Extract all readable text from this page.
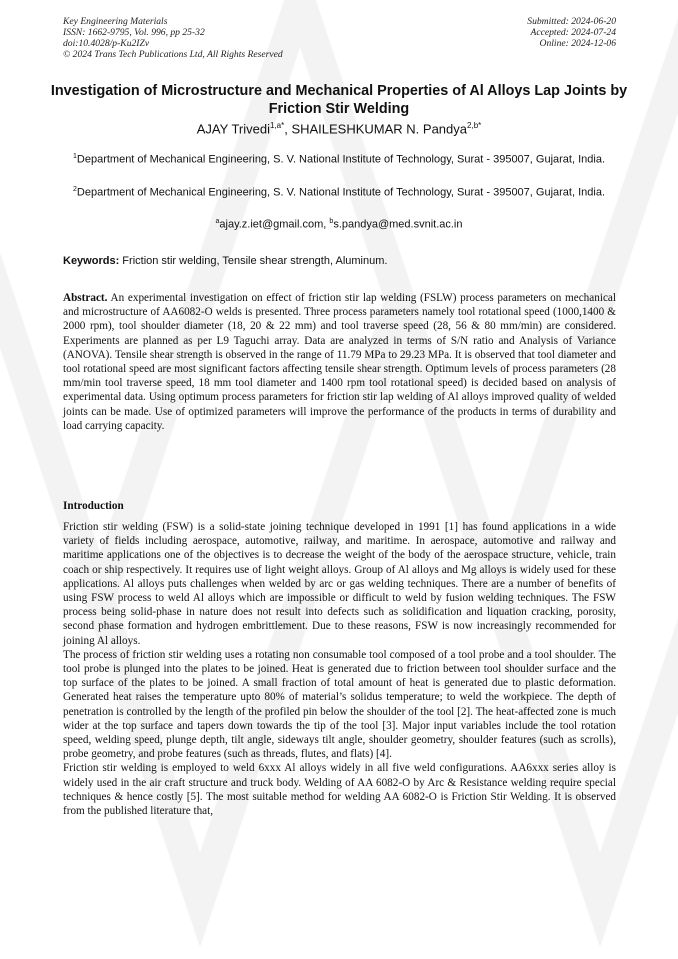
Key Engineering Materials
ISSN: 1662-9795, Vol. 996, pp 25-32
doi:10.4028/p-Ku2IZv
© 2024 Trans Tech Publications Ltd, All Rights Reserved
Submitted: 2024-06-20
Accepted: 2024-07-24
Online: 2024-12-06
Investigation of Microstructure and Mechanical Properties of Al Alloys Lap Joints by Friction Stir Welding
AJAY Trivedi$^{1,a*}$, SHAILESHKUMAR N. Pandya$^{2,b*}$
$^1$Department of Mechanical Engineering, S. V. National Institute of Technology, Surat - 395007, Gujarat, India.
$^2$Department of Mechanical Engineering, S. V. National Institute of Technology, Surat - 395007, Gujarat, India.
$^a$ajay.z.iet@gmail.com, $^b$s.pandya@med.svnit.ac.in
Keywords: Friction stir welding, Tensile shear strength, Aluminum.
Abstract. An experimental investigation on effect of friction stir lap welding (FSLW) process parameters on mechanical and microstructure of AA6082-O welds is presented. Three process parameters namely tool rotational speed (1000,1400 & 2000 rpm), tool shoulder diameter (18, 20 & 22 mm) and tool traverse speed (28, 56 & 80 mm/min) are considered. Experiments are planned as per L9 Taguchi array. Data are analyzed in terms of S/N ratio and Analysis of Variance (ANOVA). Tensile shear strength is observed in the range of 11.79 MPa to 29.23 MPa. It is observed that tool diameter and tool rotational speed are most significant factors affecting tensile shear strength. Optimum levels of process parameters (28 mm/min tool traverse speed, 18 mm tool diameter and 1400 rpm tool rotational speed) is decided based on analysis of experimental data. Using optimum process parameters for friction stir lap welding of Al alloys improved quality of welded joints can be made. Use of optimized parameters will improve the performance of the products in terms of durability and load carrying capacity.
Introduction

Friction stir welding (FSW) is a solid-state joining technique developed in 1991 [1] has found applications in a wide variety of fields including aerospace, automotive, railway, and maritime. In aerospace, automotive and railway and maritime applications one of the objectives is to decrease the weight of the body of the aerospace structure, vehicle, train coach or ship respectively. It requires use of light weight alloys. Group of Al alloys and Mg alloys is widely used for these applications. Al alloys puts challenges when welded by arc or gas welding techniques. There are a number of benefits of using FSW process to weld Al alloys which are impossible or difficult to weld by fusion welding techniques. The FSW process being solid-phase in nature does not result into defects such as solidification and liquation cracking, porosity, second phase formation and hydrogen embrittlement. Due to these reasons, FSW is now increasingly recommended for joining Al alloys.

The process of friction stir welding uses a rotating non consumable tool composed of a tool probe and a tool shoulder. The tool probe is plunged into the plates to be joined. Heat is generated due to friction between tool shoulder surface and the top surface of the plates to be joined. A small fraction of total amount of heat is generated due to plastic deformation. Generated heat raises the temperature upto 80% of material’s solidus temperature; to weld the workpiece. The depth of penetration is controlled by the length of the profiled pin below the shoulder of the tool [2]. The heat-affected zone is much wider at the top surface and tapers down towards the tip of the tool [3]. Major input variables include the tool rotation speed, welding speed, plunge depth, tilt angle, sideways tilt angle, shoulder geometry, shoulder features (such as scrolls), probe geometry, and probe features (such as threads, flutes, and flats) [4].

Friction stir welding is employed to weld 6xxx Al alloys widely in all five weld configurations. AA6xxx series alloy is widely used in the air craft structure and truck body. Welding of AA 6082-O by Arc & Resistance welding require special techniques & hence costly [5]. The most suitable method for welding AA 6082-O is Friction Stir Welding. It is observed from the published literature that,
